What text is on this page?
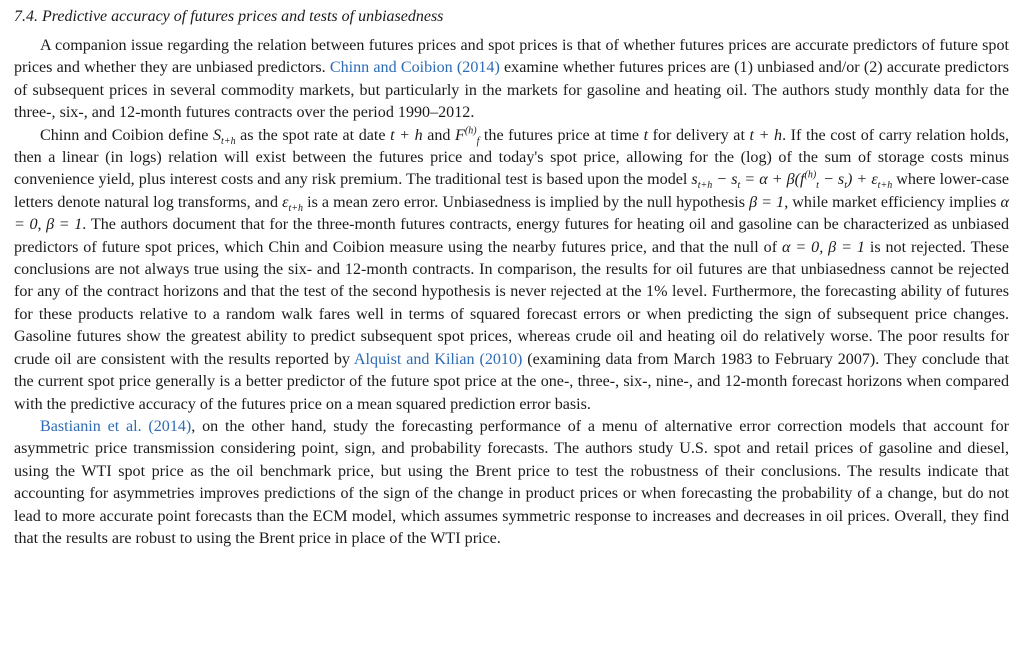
7.4. Predictive accuracy of futures prices and tests of unbiasedness

A companion issue regarding the relation between futures prices and spot prices is that of whether futures prices are accurate predictors of future spot prices and whether they are unbiased predictors. Chinn and Coibion (2014) examine whether futures prices are (1) unbiased and/or (2) accurate predictors of subsequent prices in several commodity markets, but particularly in the markets for gasoline and heating oil. The authors study monthly data for the three-, six-, and 12-month futures contracts over the period 1990–2012.

Chinn and Coibion define $S_{t+h}$ as the spot rate at date t + h and $F^{(h)}_f$ the futures price at time t for delivery at t + h. If the cost of carry relation holds, then a linear (in logs) relation will exist between the futures price and today's spot price, allowing for the (log) of the sum of storage costs minus convenience yield, plus interest costs and any risk premium. The traditional test is based upon the model $s_{t+h} - s_t = \alpha + \beta(f^{(h)}_t - s_t) + \varepsilon_{t+h}$ where lower-case letters denote natural log transforms, and $\varepsilon_{t+h}$ is a mean zero error. Unbiasedness is implied by the null hypothesis β = 1, while market efficiency implies α = 0, β = 1. The authors document that for the three-month futures contracts, energy futures for heating oil and gasoline can be characterized as unbiased predictors of future spot prices, which Chin and Coibion measure using the nearby futures price, and that the null of α = 0, β = 1 is not rejected. These conclusions are not always true using the six- and 12-month contracts. In comparison, the results for oil futures are that unbiasedness cannot be rejected for any of the contract horizons and that the test of the second hypothesis is never rejected at the 1% level. Furthermore, the forecasting ability of futures for these products relative to a random walk fares well in terms of squared forecast errors or when predicting the sign of subsequent price changes. Gasoline futures show the greatest ability to predict subsequent spot prices, whereas crude oil and heating oil do relatively worse. The poor results for crude oil are consistent with the results reported by Alquist and Kilian (2010) (examining data from March 1983 to February 2007). They conclude that the current spot price generally is a better predictor of the future spot price at the one-, three-, six-, nine-, and 12-month forecast horizons when compared with the predictive accuracy of the futures price on a mean squared prediction error basis.

Bastianin et al. (2014), on the other hand, study the forecasting performance of a menu of alternative error correction models that account for asymmetric price transmission considering point, sign, and probability forecasts. The authors study U.S. spot and retail prices of gasoline and diesel, using the WTI spot price as the oil benchmark price, but using the Brent price to test the robustness of their conclusions. The results indicate that accounting for asymmetries improves predictions of the sign of the change in product prices or when forecasting the probability of a change, but do not lead to more accurate point forecasts than the ECM model, which assumes symmetric response to increases and decreases in oil prices. Overall, they find that the results are robust to using the Brent price in place of the WTI price.
